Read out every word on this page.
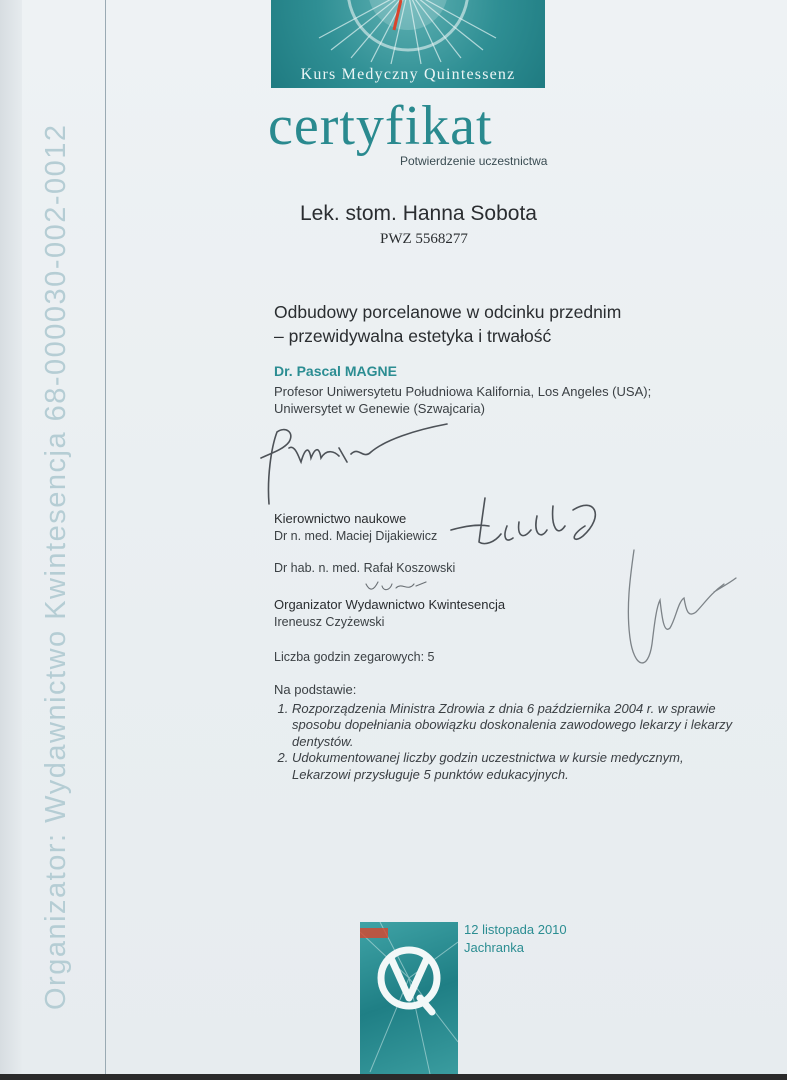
Organizator: Wydawnictwo Kwintesencja 68-000030-002-0012
Kurs Medyczny Quintessenz
certyfikat
Potwierdzenie uczestnictwa
Lek. stom. Hanna Sobota
PWZ 5568277
Odbudowy porcelanowe w odcinku przednim
– przewidywalna estetyka i trwałość
Dr. Pascal MAGNE
Profesor Uniwersytetu Południowa Kalifornia, Los Angeles (USA);
Uniwersytet w Genewie (Szwajcaria)
Kierownictwo naukowe
Dr n. med. Maciej Dijakiewicz
Dr hab. n. med. Rafał Koszowski
Organizator Wydawnictwo Kwintesencja
Ireneusz Czyżewski
Liczba godzin zegarowych: 5
Na podstawie:
1. Rozporządzenia Ministra Zdrowia z dnia 6 października 2004 r. w sprawie sposobu dopełniania obowiązku doskonalenia zawodowego lekarzy i lekarzy dentystów.
2. Udokumentowanej liczby godzin uczestnictwa w kursie medycznym, Lekarzowi przysługuje 5 punktów edukacyjnych.
12 listopada 2010
Jachranka
